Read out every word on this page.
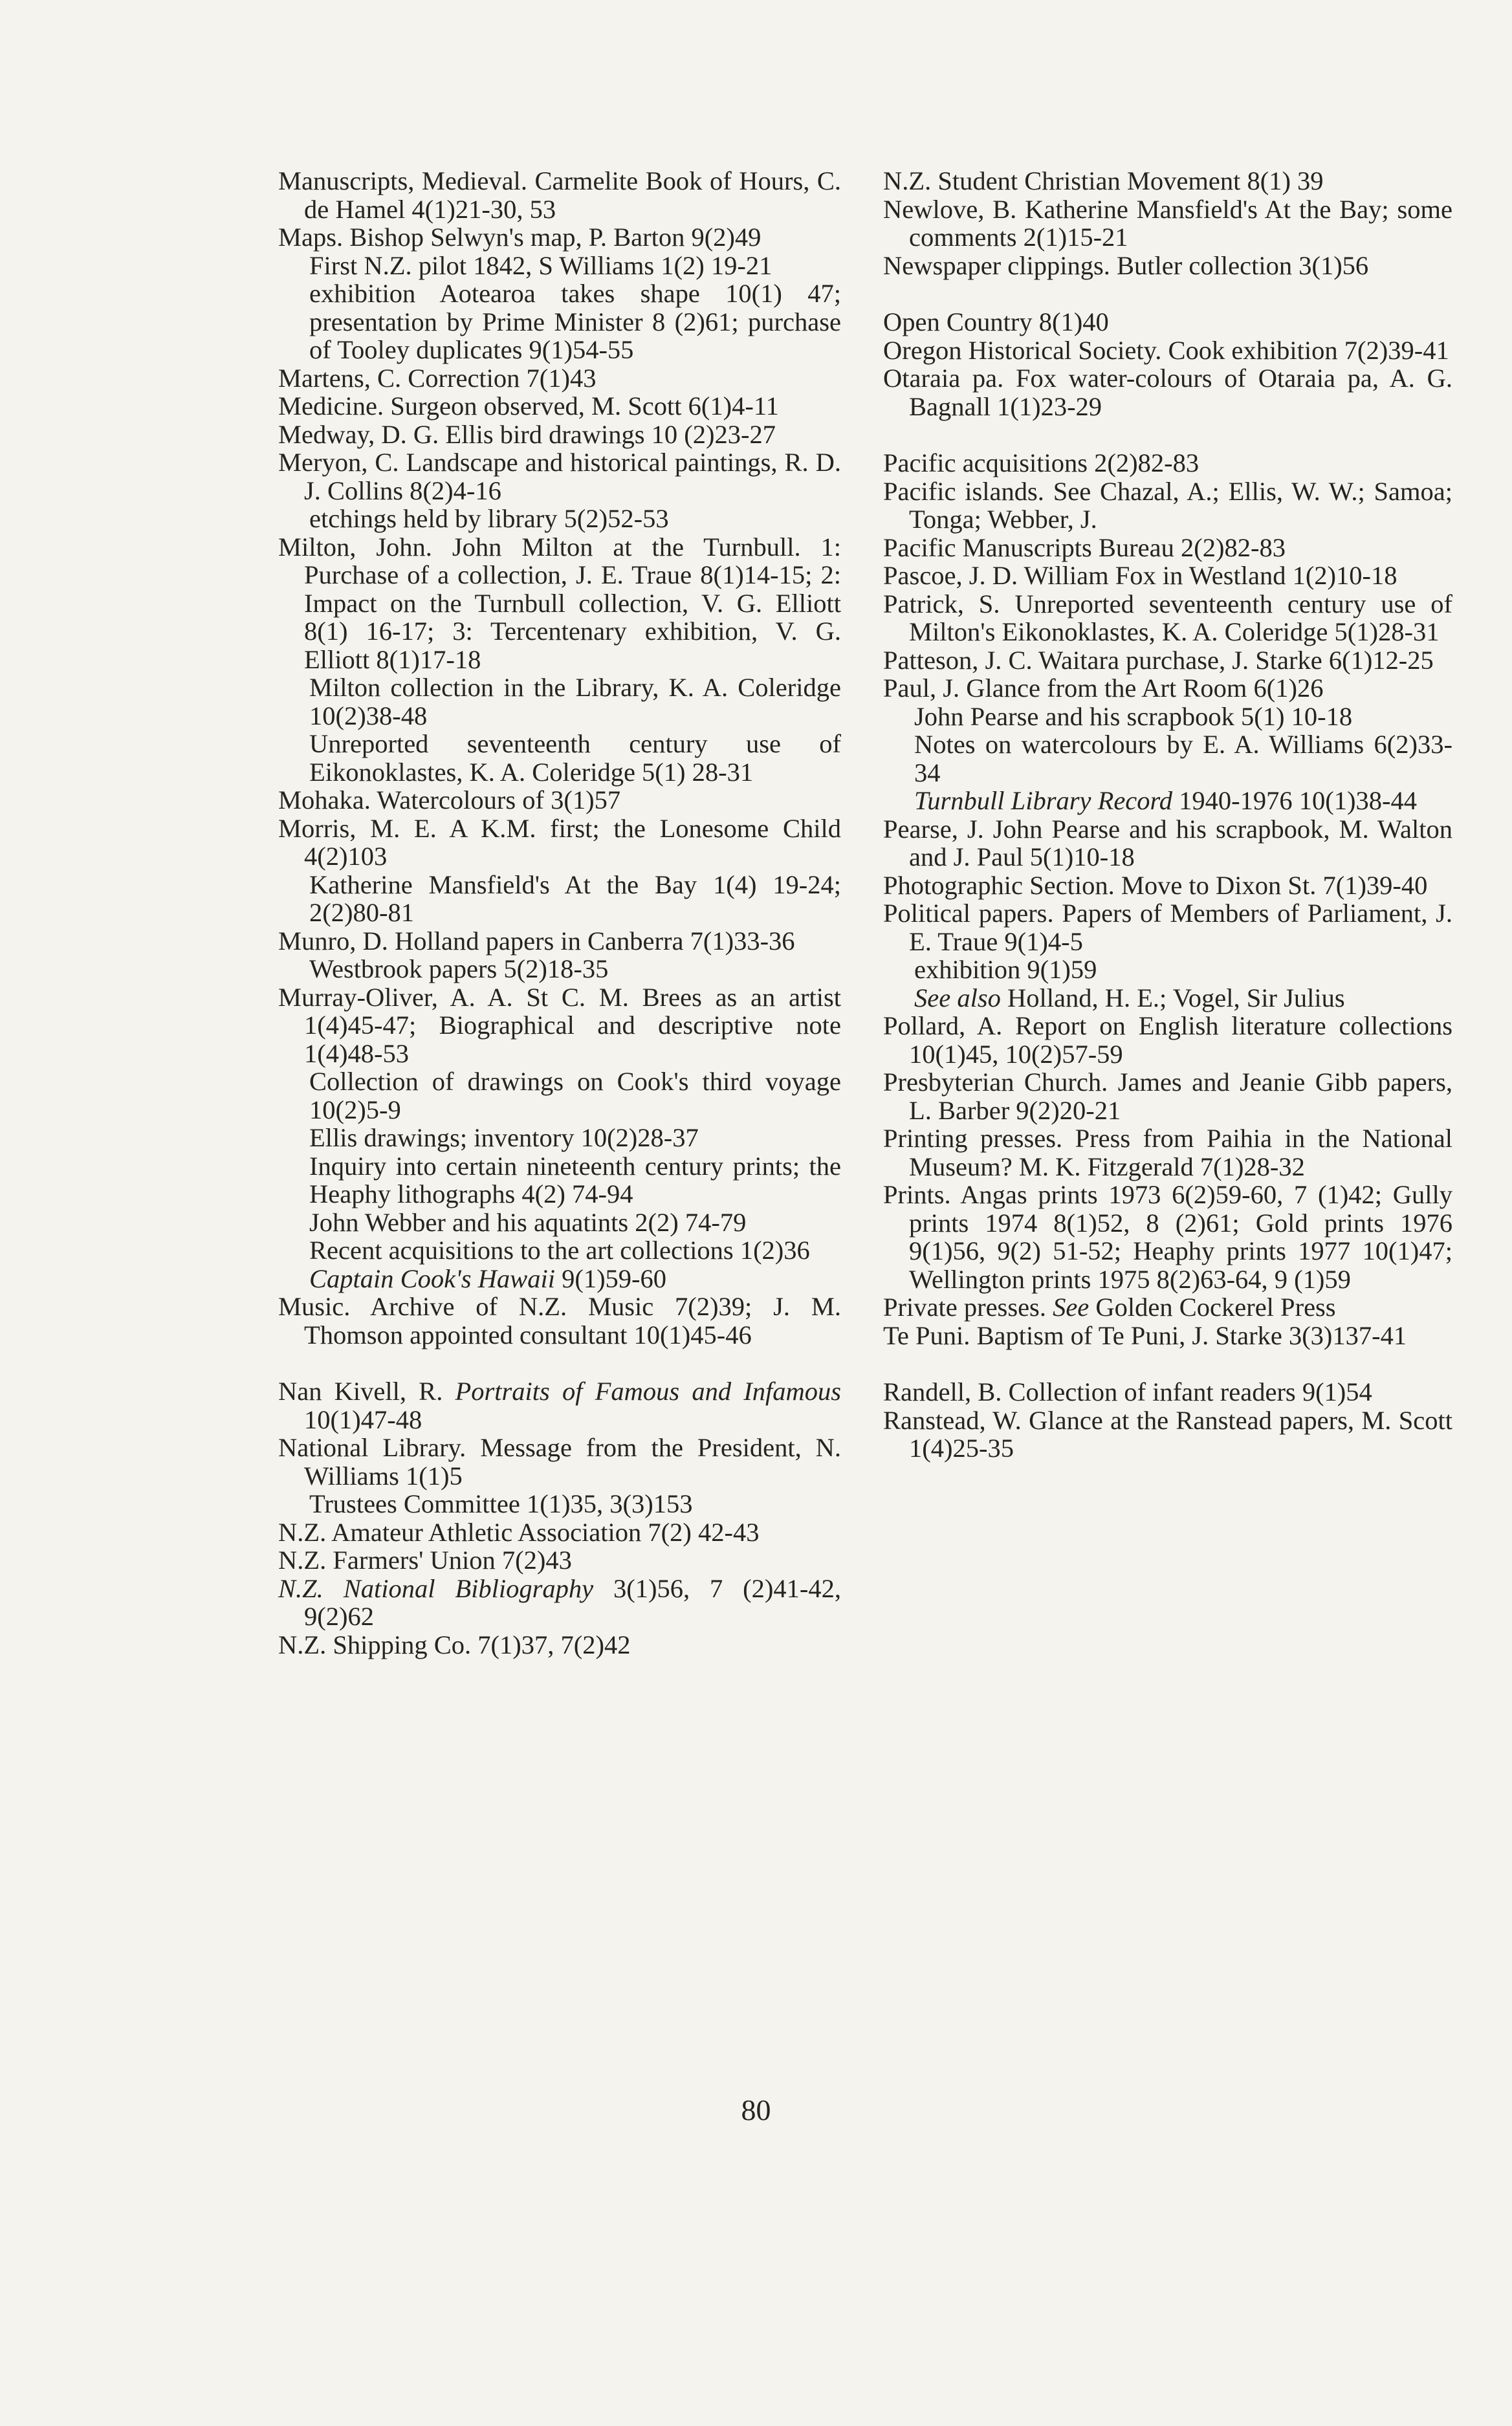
Manuscripts, Medieval. Carmelite Book of Hours, C. de Hamel 4(1)21-30, 53
Maps. Bishop Selwyn's map, P. Barton 9(2)49
First N.Z. pilot 1842, S Williams 1(2) 19-21
exhibition Aotearoa takes shape 10(1) 47; presentation by Prime Minister 8 (2)61; purchase of Tooley duplicates 9(1)54-55
Martens, C. Correction 7(1)43
Medicine. Surgeon observed, M. Scott 6(1)4-11
Medway, D. G. Ellis bird drawings 10 (2)23-27
Meryon, C. Landscape and historical paintings, R. D. J. Collins 8(2)4-16
etchings held by library 5(2)52-53
Milton, John. John Milton at the Turnbull. 1: Purchase of a collection, J. E. Traue 8(1)14-15; 2: Impact on the Turnbull collection, V. G. Elliott 8(1) 16-17; 3: Tercentenary exhibition, V. G. Elliott 8(1)17-18
Milton collection in the Library, K. A. Coleridge 10(2)38-48
Unreported seventeenth century use of Eikonoklastes, K. A. Coleridge 5(1) 28-31
Mohaka. Watercolours of 3(1)57
Morris, M. E. A K.M. first; the Lonesome Child 4(2)103
Katherine Mansfield's At the Bay 1(4) 19-24; 2(2)80-81
Munro, D. Holland papers in Canberra 7(1)33-36
Westbrook papers 5(2)18-35
Murray-Oliver, A. A. St C. M. Brees as an artist 1(4)45-47; Biographical and descriptive note 1(4)48-53
Collection of drawings on Cook's third voyage 10(2)5-9
Ellis drawings; inventory 10(2)28-37
Inquiry into certain nineteenth century prints; the Heaphy lithographs 4(2) 74-94
John Webber and his aquatints 2(2) 74-79
Recent acquisitions to the art collections 1(2)36
Captain Cook's Hawaii 9(1)59-60
Music. Archive of N.Z. Music 7(2)39; J. M. Thomson appointed consultant 10(1)45-46
Nan Kivell, R. Portraits of Famous and Infamous 10(1)47-48
National Library. Message from the President, N. Williams 1(1)5
Trustees Committee 1(1)35, 3(3)153
N.Z. Amateur Athletic Association 7(2) 42-43
N.Z. Farmers' Union 7(2)43
N.Z. National Bibliography 3(1)56, 7 (2)41-42, 9(2)62
N.Z. Shipping Co. 7(1)37, 7(2)42
N.Z. Student Christian Movement 8(1) 39
Newlove, B. Katherine Mansfield's At the Bay; some comments 2(1)15-21
Newspaper clippings. Butler collection 3(1)56
Open Country 8(1)40
Oregon Historical Society. Cook exhibition 7(2)39-41
Otaraia pa. Fox water-colours of Otaraia pa, A. G. Bagnall 1(1)23-29
Pacific acquisitions 2(2)82-83
Pacific islands. See Chazal, A.; Ellis, W. W.; Samoa; Tonga; Webber, J.
Pacific Manuscripts Bureau 2(2)82-83
Pascoe, J. D. William Fox in Westland 1(2)10-18
Patrick, S. Unreported seventeenth century use of Milton's Eikonoklastes, K. A. Coleridge 5(1)28-31
Patteson, J. C. Waitara purchase, J. Starke 6(1)12-25
Paul, J. Glance from the Art Room 6(1)26
John Pearse and his scrapbook 5(1) 10-18
Notes on watercolours by E. A. Williams 6(2)33-34
Turnbull Library Record 1940-1976 10(1)38-44
Pearse, J. John Pearse and his scrapbook, M. Walton and J. Paul 5(1)10-18
Photographic Section. Move to Dixon St. 7(1)39-40
Political papers. Papers of Members of Parliament, J. E. Traue 9(1)4-5
exhibition 9(1)59
See also Holland, H. E.; Vogel, Sir Julius
Pollard, A. Report on English literature collections 10(1)45, 10(2)57-59
Presbyterian Church. James and Jeanie Gibb papers, L. Barber 9(2)20-21
Printing presses. Press from Paihia in the National Museum? M. K. Fitzgerald 7(1)28-32
Prints. Angas prints 1973 6(2)59-60, 7 (1)42; Gully prints 1974 8(1)52, 8 (2)61; Gold prints 1976 9(1)56, 9(2) 51-52; Heaphy prints 1977 10(1)47; Wellington prints 1975 8(2)63-64, 9 (1)59
Private presses. See Golden Cockerel Press
Te Puni. Baptism of Te Puni, J. Starke 3(3)137-41
Randell, B. Collection of infant readers 9(1)54
Ranstead, W. Glance at the Ranstead papers, M. Scott 1(4)25-35
80
